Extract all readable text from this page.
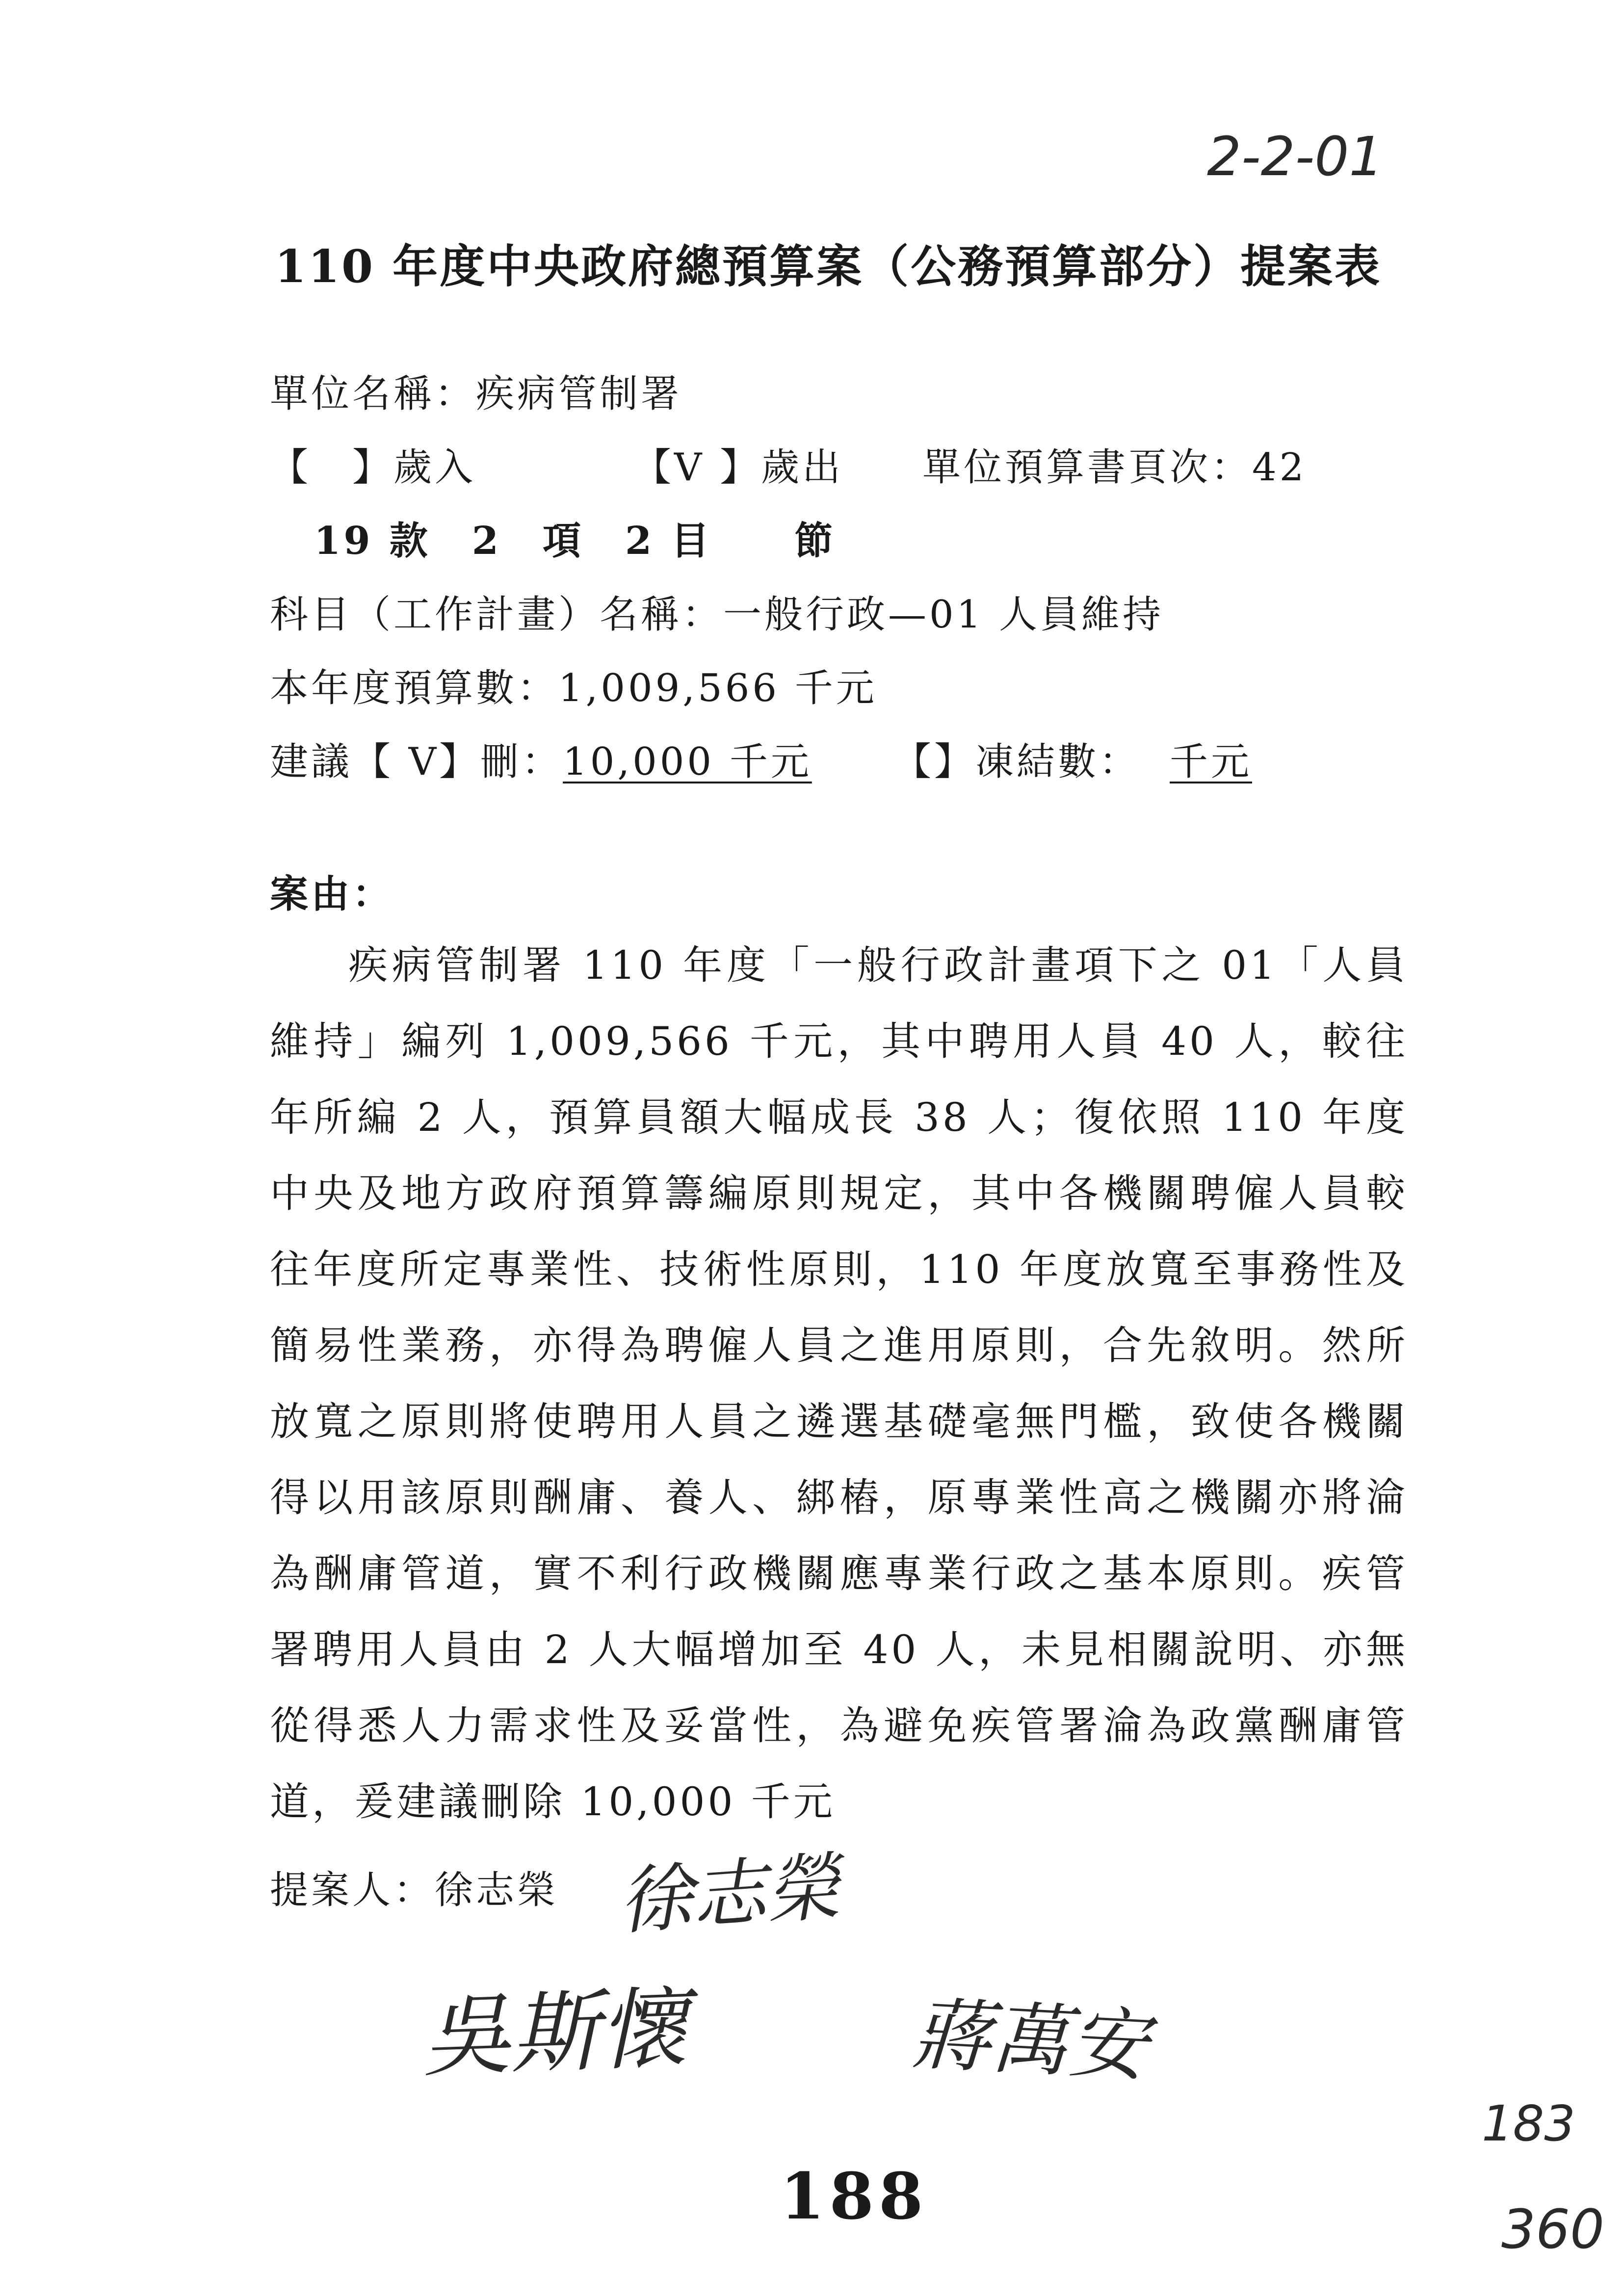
2-2-01
110 年度中央政府總預算案（公務預算部分）提案表
單位名稱：疾病管制署
【　】歲入	【V 】歲出 單位預算書頁次：42
19 款　2　項　2 目　　節
科目（工作計畫）名稱：一般行政—01 人員維持
本年度預算數：1,009,566 千元
建議【 V】刪：10,000 千元 【】凍結數： 千元
案由：

疾病管制署 110 年度「一般行政計畫項下之 01「人員維持」編列 1,009,566 千元，其中聘用人員 40 人，較往年所編 2 人，預算員額大幅成長 38 人；復依照 110 年度中央及地方政府預算籌編原則規定，其中各機關聘僱人員較往年度所定專業性、技術性原則，110 年度放寬至事務性及簡易性業務，亦得為聘僱人員之進用原則，合先敘明。然所放寬之原則將使聘用人員之遴選基礎毫無門檻，致使各機關得以用該原則酬庸、養人、綁樁，原專業性高之機關亦將淪為酬庸管道，實不利行政機關應專業行政之基本原則。疾管署聘用人員由 2 人大幅增加至 40 人，未見相關說明、亦無從得悉人力需求性及妥當性，為避免疾管署淪為政黨酬庸管道，爰建議刪除 10,000 千元

提案人：徐志榮 徐志榮
吳斯懷	蔣萬安
188
183
360
